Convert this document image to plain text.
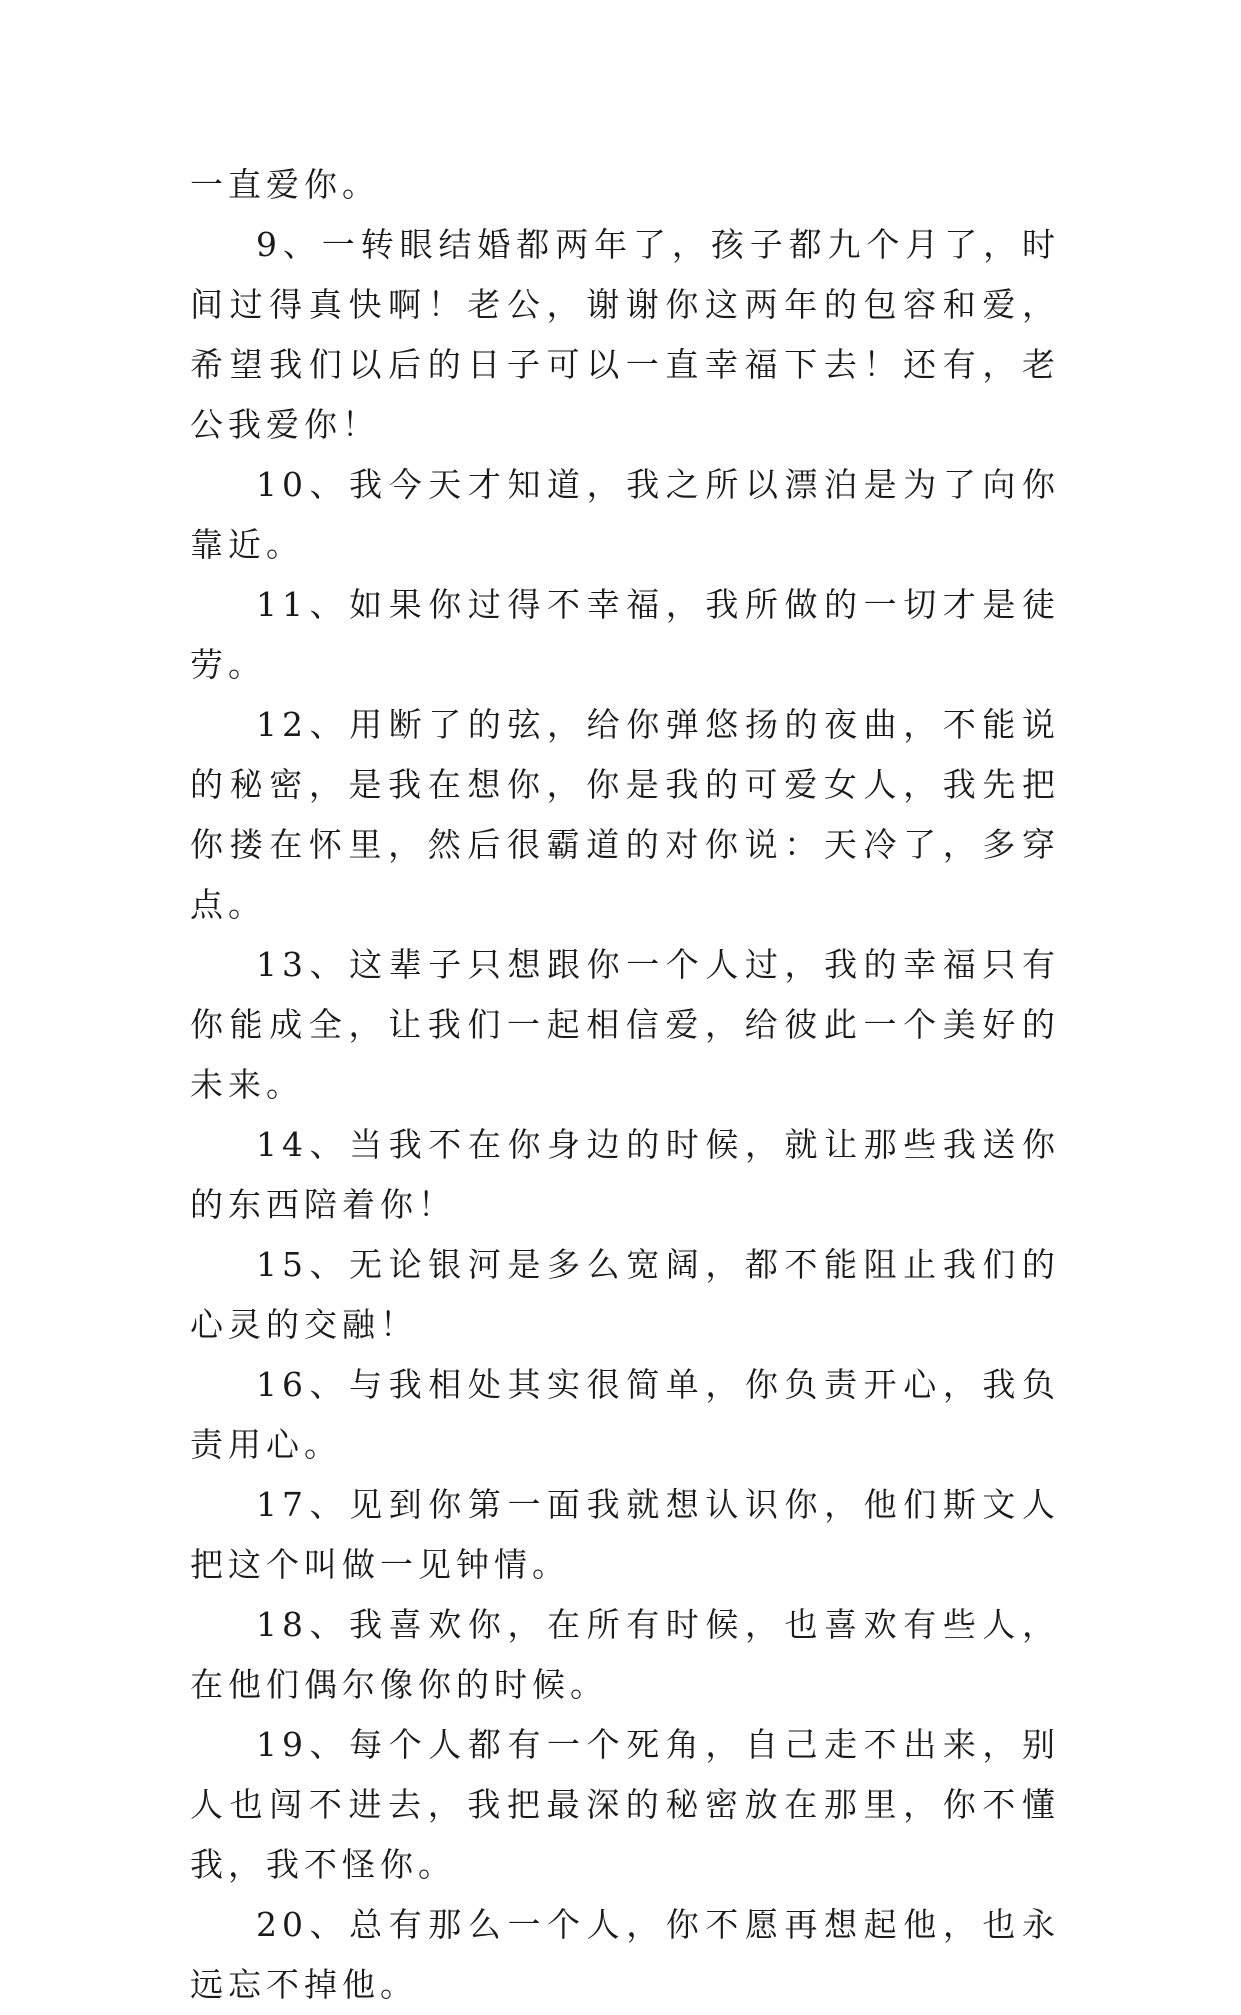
一直爱你。

9、一转眼结婚都两年了，孩子都九个月了，时间过得真快啊！老公，谢谢你这两年的包容和爱，希望我们以后的日子可以一直幸福下去！还有，老公我爱你！

10、我今天才知道，我之所以漂泊是为了向你靠近。

11、如果你过得不幸福，我所做的一切才是徒劳。

12、用断了的弦，给你弹悠扬的夜曲，不能说的秘密，是我在想你，你是我的可爱女人，我先把你搂在怀里，然后很霸道的对你说：天冷了，多穿点。

13、这辈子只想跟你一个人过，我的幸福只有你能成全，让我们一起相信爱，给彼此一个美好的未来。

14、当我不在你身边的时候，就让那些我送你的东西陪着你！

15、无论银河是多么宽阔，都不能阻止我们的心灵的交融！

16、与我相处其实很简单，你负责开心，我负责用心。

17、见到你第一面我就想认识你，他们斯文人把这个叫做一见钟情。

18、我喜欢你，在所有时候，也喜欢有些人，在他们偶尔像你的时候。

19、每个人都有一个死角，自己走不出来，别人也闯不进去，我把最深的秘密放在那里，你不懂我，我不怪你。

20、总有那么一个人，你不愿再想起他，也永远忘不掉他。
